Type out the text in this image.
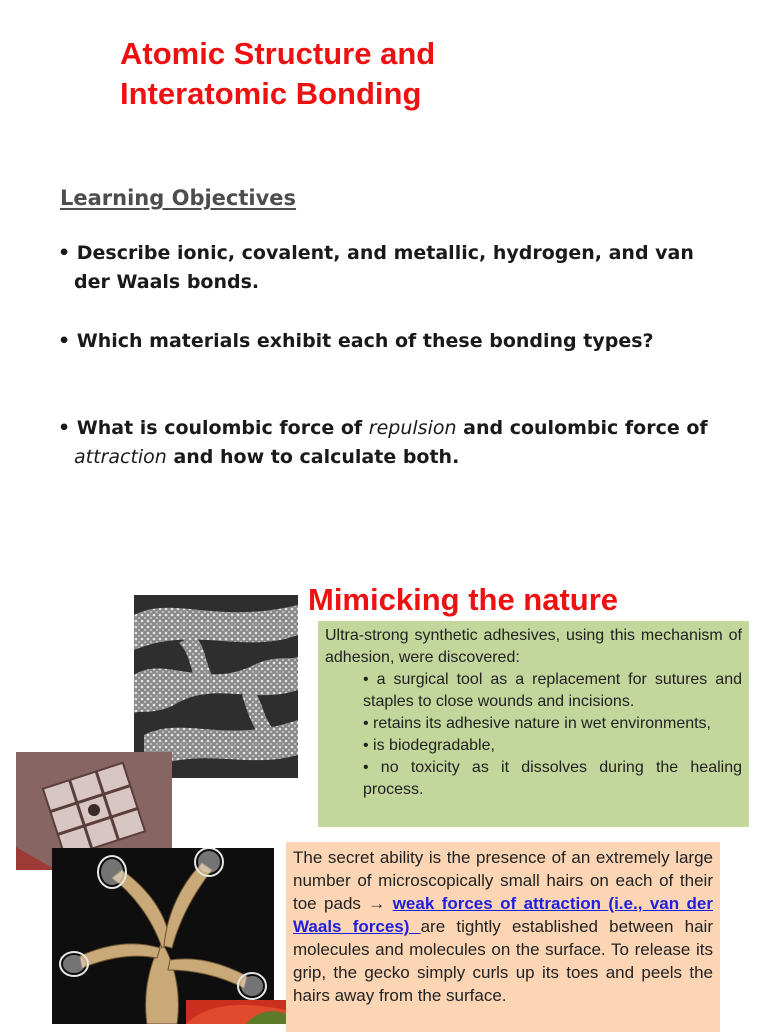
Atomic Structure and
Interatomic Bonding
Learning Objectives
• Describe ionic, covalent, and metallic, hydrogen, and van der Waals bonds.
• Which materials exhibit each of these bonding types?
• What is coulombic force of repulsion and coulombic force of attraction and how to calculate both.
Mimicking the nature
Ultra-strong synthetic adhesives, using this mechanism of adhesion, were discovered:
• a surgical tool as a replacement for sutures and staples to close wounds and incisions.
• retains its adhesive nature in wet environments,
• is biodegradable,
• no toxicity as it dissolves during the healing process.
The secret ability is the presence of an extremely large number of microscopically small hairs on each of their toe pads → weak forces of attraction (i.e., van der Waals forces) are tightly established between hair molecules and molecules on the surface. To release its grip, the gecko simply curls up its toes and peels the hairs away from the surface.
